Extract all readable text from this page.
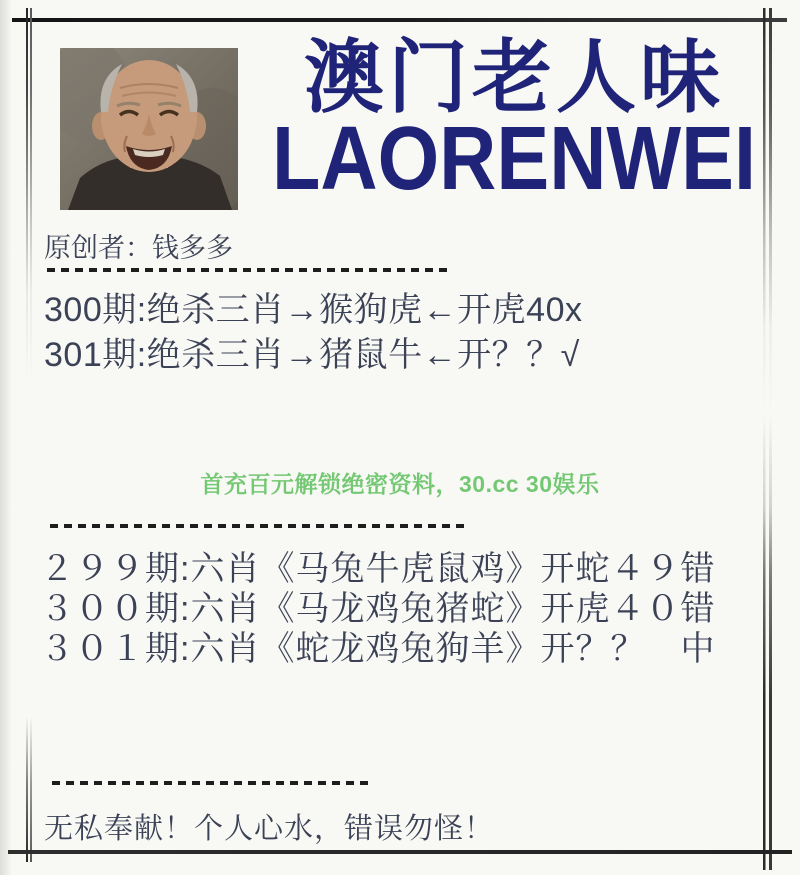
澳门老人味
LAORENWEI
原创者：钱多多
300期:绝杀三肖→猴狗虎←开虎40x
301期:绝杀三肖→猪鼠牛←开？？√
首充百元解锁绝密资料，30.cc 30娱乐
２９９期:六肖《马兔牛虎鼠鸡》开蛇４９错
３００期:六肖《马龙鸡兔猪蛇》开虎４０错
３０１期:六肖《蛇龙鸡兔狗羊》开？？　中
无私奉献！个人心水，错误勿怪！
